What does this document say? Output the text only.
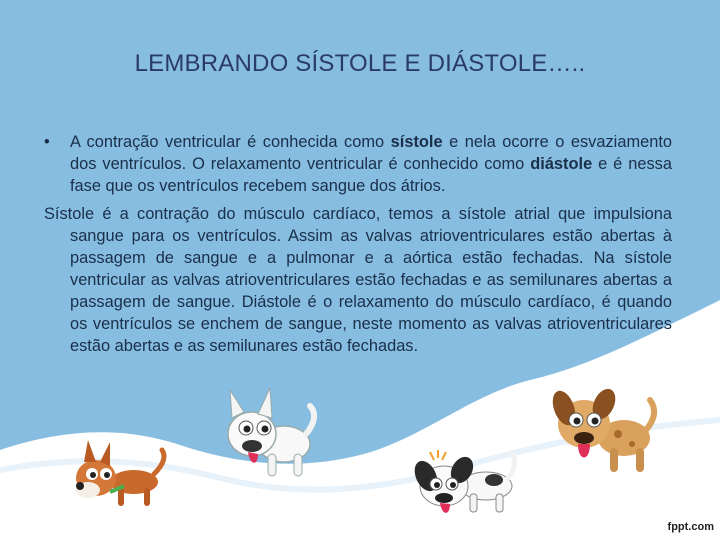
LEMBRANDO SÍSTOLE E DIÁSTOLE…..

• A contração ventricular é conhecida como sístole e nela ocorre o esvaziamento dos ventrículos. O relaxamento ventricular é conhecido como diástole e é nessa fase que os ventrículos recebem sangue dos átrios.

Sístole é a contração do músculo cardíaco, temos a sístole atrial que impulsiona sangue para os ventrículos. Assim as valvas atrioventriculares estão abertas à passagem de sangue e a pulmonar e a aórtica estão fechadas. Na sístole ventricular as valvas atrioventriculares estão fechadas e as semilunares abertas a passagem de sangue. Diástole é o relaxamento do músculo cardíaco, é quando os ventrículos se enchem de sangue, neste momento as valvas atrioventriculares estão abertas e as semilunares estão fechadas.

fppt.com
